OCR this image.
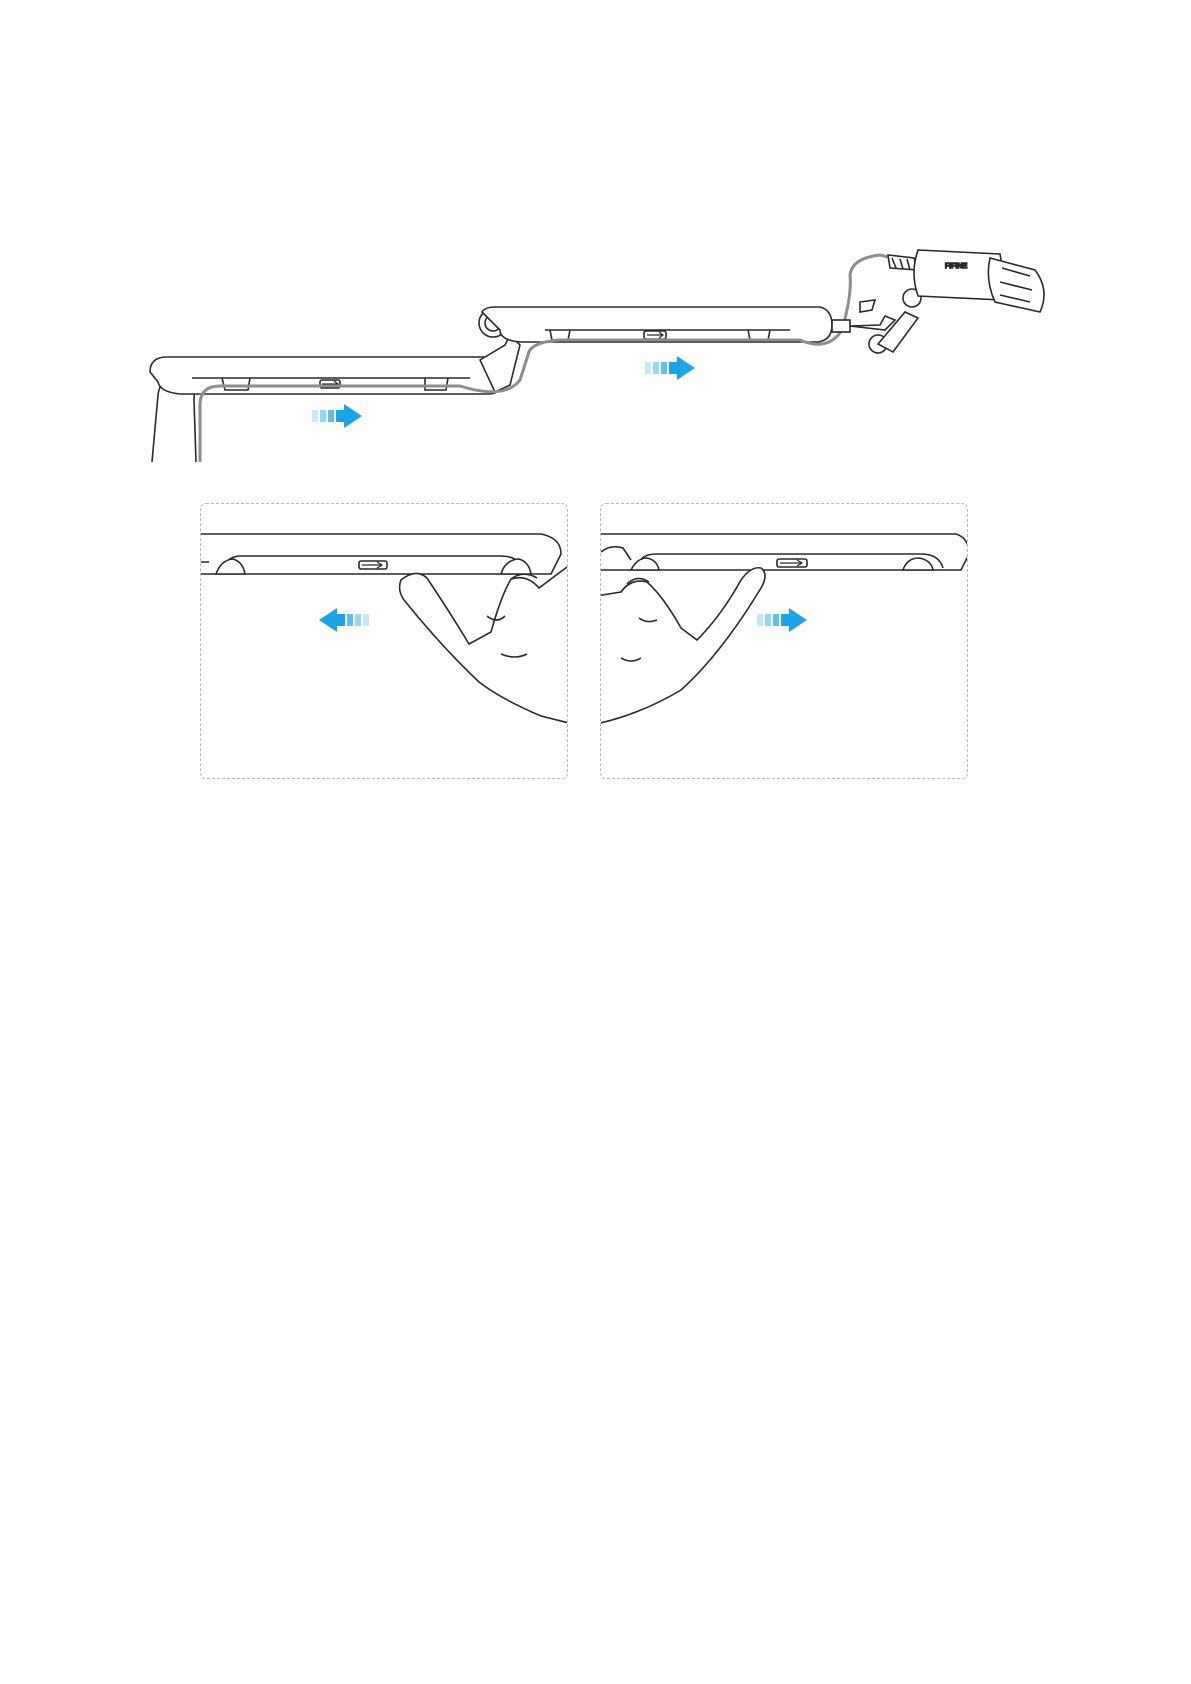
FIFINE
